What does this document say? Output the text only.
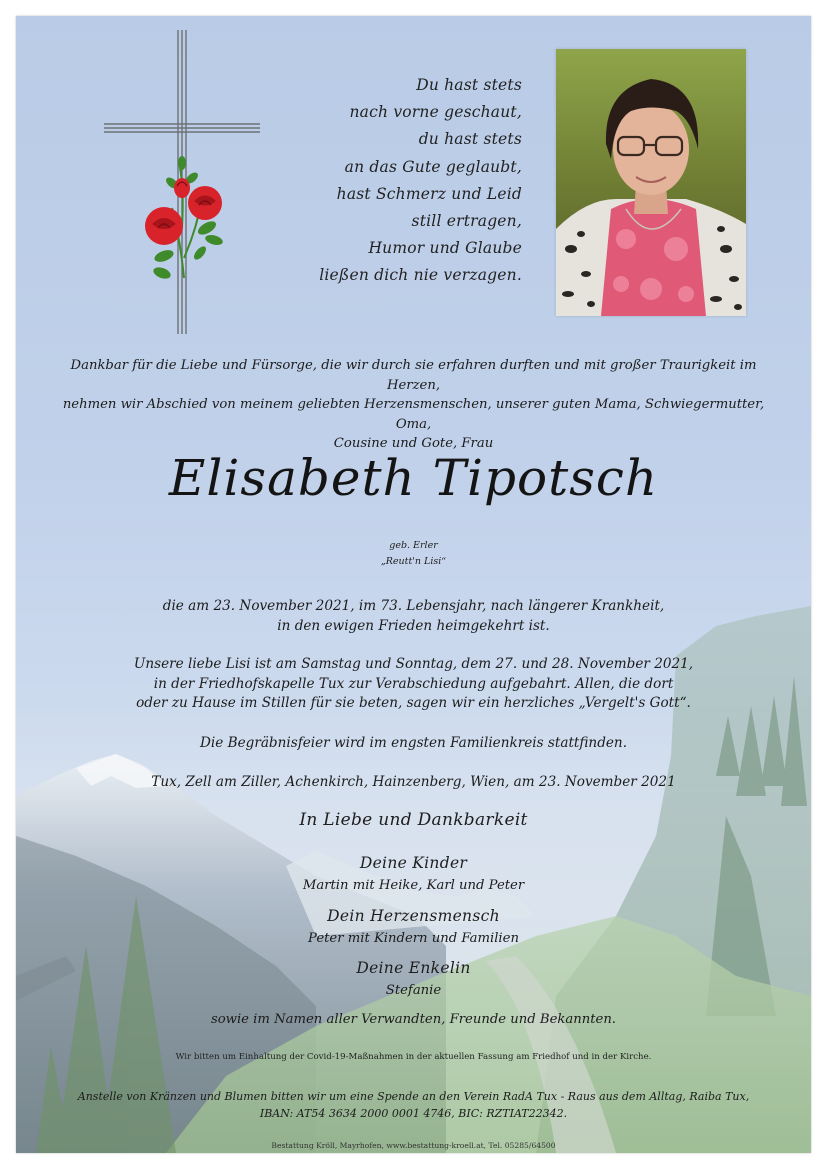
Du hast stets
nach vorne geschaut,
du hast stets
an das Gute geglaubt,
hast Schmerz und Leid
still ertragen,
Humor und Glaube
ließen dich nie verzagen.
Dankbar für die Liebe und Fürsorge, die wir durch sie erfahren durften und mit großer Traurigkeit im Herzen,
nehmen wir Abschied von meinem geliebten Herzensmenschen, unserer guten Mama, Schwiegermutter, Oma,
Cousine und Gote, Frau
Elisabeth Tipotsch
geb. Erler
„Reutt'n Lisi“
die am 23. November 2021, im 73. Lebensjahr, nach längerer Krankheit,
in den ewigen Frieden heimgekehrt ist.
Unsere liebe Lisi ist am Samstag und Sonntag, dem 27. und 28. November 2021,
in der Friedhofskapelle Tux zur Verabschiedung aufgebahrt. Allen, die dort
oder zu Hause im Stillen für sie beten, sagen wir ein herzliches „Vergelt's Gott“.
Die Begräbnisfeier wird im engsten Familienkreis stattfinden.
Tux, Zell am Ziller, Achenkirch, Hainzenberg, Wien, am 23. November 2021
In Liebe und Dankbarkeit
Deine Kinder
Martin mit Heike, Karl und Peter
Dein Herzensmensch
Peter mit Kindern und Familien
Deine Enkelin
Stefanie
sowie im Namen aller Verwandten, Freunde und Bekannten.
Wir bitten um Einhaltung der Covid-19-Maßnahmen in der aktuellen Fassung am Friedhof und in der Kirche.
Anstelle von Kränzen und Blumen bitten wir um eine Spende an den Verein RadA Tux - Raus aus dem Alltag, Raiba Tux,
IBAN: AT54 3634 2000 0001 4746, BIC: RZTIAT22342.
Bestattung Kröll, Mayrhofen, www.bestattung-kroell.at, Tel. 05285/64500
